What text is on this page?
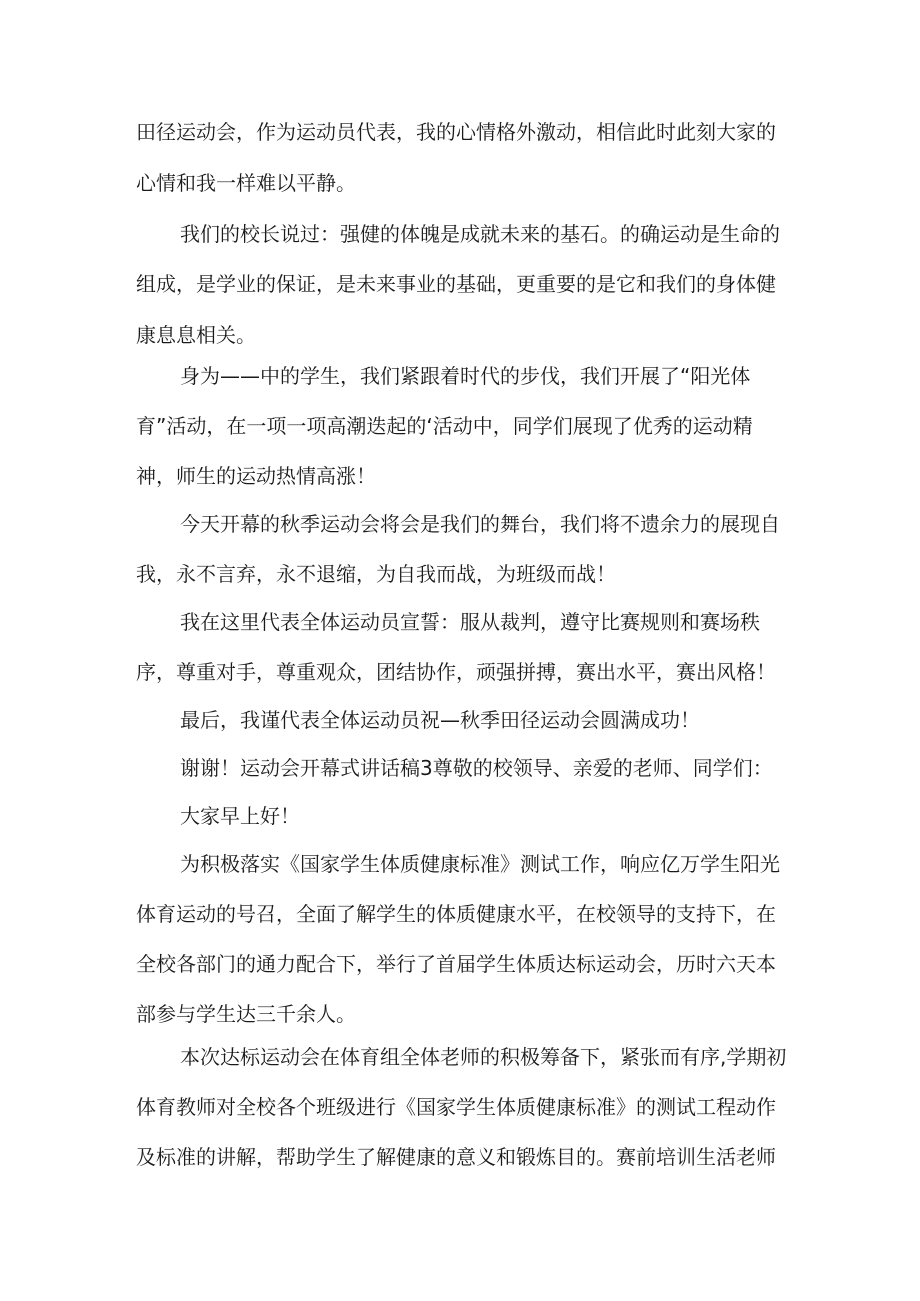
田径运动会，作为运动员代表，我的心情格外激动，相信此时此刻大家的
心情和我一样难以平静。
我们的校长说过：强健的体魄是成就未来的基石。的确运动是生命的
组成，是学业的保证，是未来事业的基础，更重要的是它和我们的身体健
康息息相关。
身为——中的学生，我们紧跟着时代的步伐，我们开展了“阳光体
育”活动，在一项一项高潮迭起的‘活动中，同学们展现了优秀的运动精
神，师生的运动热情高涨！
今天开幕的秋季运动会将会是我们的舞台，我们将不遗余力的展现自
我，永不言弃，永不退缩，为自我而战，为班级而战！
我在这里代表全体运动员宣誓：服从裁判，遵守比赛规则和赛场秩
序，尊重对手，尊重观众，团结协作，顽强拼搏，赛出水平，赛出风格！
最后，我谨代表全体运动员祝—秋季田径运动会圆满成功！
谢谢！运动会开幕式讲话稿3尊敬的校领导、亲爱的老师、同学们：
大家早上好！
为积极落实《国家学生体质健康标准》测试工作，响应亿万学生阳光
体育运动的号召，全面了解学生的体质健康水平，在校领导的支持下，在
全校各部门的通力配合下，举行了首届学生体质达标运动会，历时六天本
部参与学生达三千余人。
本次达标运动会在体育组全体老师的积极筹备下，紧张而有序,学期初
体育教师对全校各个班级进行《国家学生体质健康标准》的测试工程动作
及标准的讲解，帮助学生了解健康的意义和锻炼目的。赛前培训生活老师
